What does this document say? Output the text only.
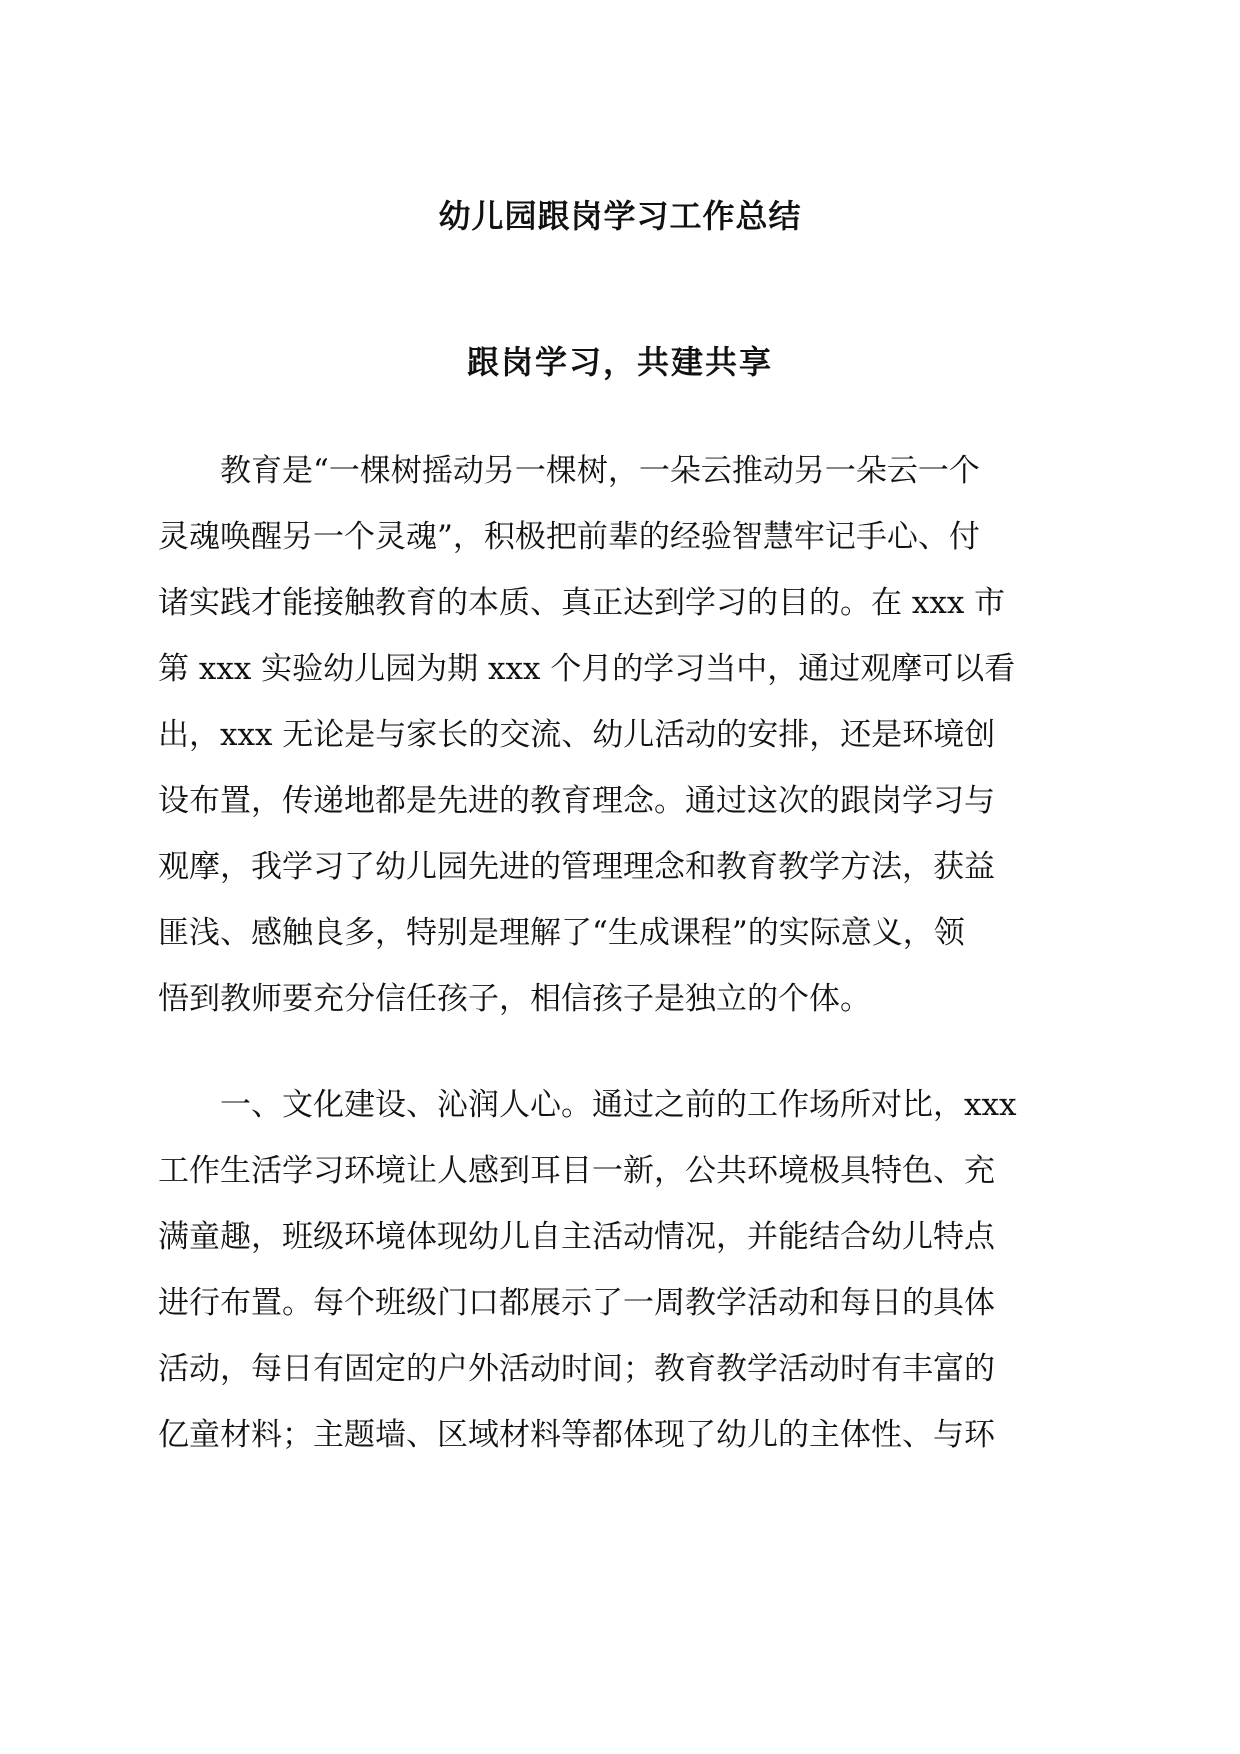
幼儿园跟岗学习工作总结
跟岗学习，共建共享
教育是“一棵树摇动另一棵树，一朵云推动另一朵云一个
灵魂唤醒另一个灵魂”，积极把前辈的经验智慧牢记手心、付
诸实践才能接触教育的本质、真正达到学习的目的。在 xxx 市
第 xxx 实验幼儿园为期 xxx 个月的学习当中，通过观摩可以看
出，xxx 无论是与家长的交流、幼儿活动的安排，还是环境创
设布置，传递地都是先进的教育理念。通过这次的跟岗学习与
观摩，我学习了幼儿园先进的管理理念和教育教学方法，获益
匪浅、感触良多，特别是理解了“生成课程”的实际意义，领
悟到教师要充分信任孩子，相信孩子是独立的个体。
一、文化建设、沁润人心。通过之前的工作场所对比，xxx
工作生活学习环境让人感到耳目一新，公共环境极具特色、充
满童趣，班级环境体现幼儿自主活动情况，并能结合幼儿特点
进行布置。每个班级门口都展示了一周教学活动和每日的具体
活动，每日有固定的户外活动时间；教育教学活动时有丰富的
亿童材料；主题墙、区域材料等都体现了幼儿的主体性、与环
